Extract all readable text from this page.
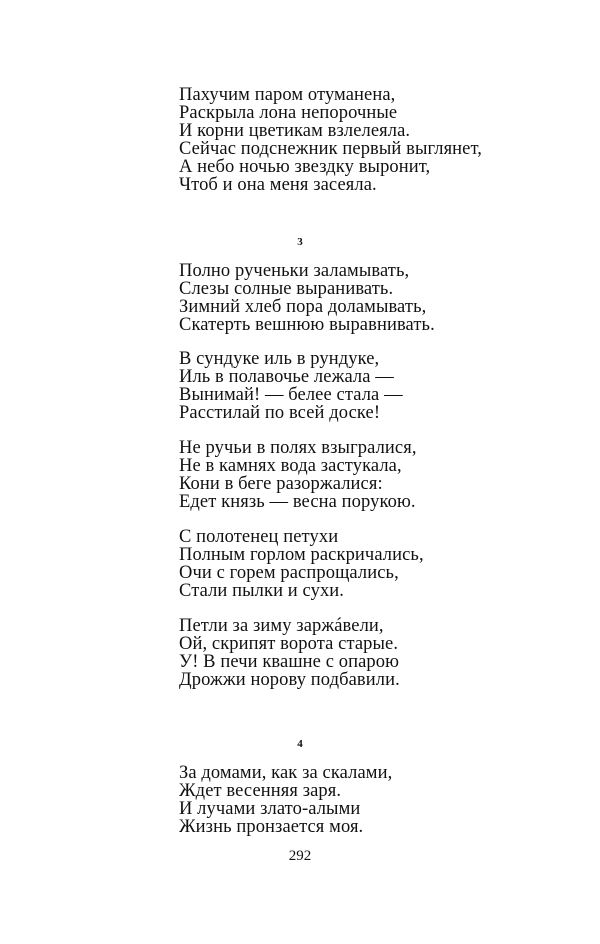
Пахучим паром отуманена,
Раскрыла лона непорочные
И корни цветикам взлелеяла.
Сейчас подснежник первый выглянет,
А небо ночью звездку выронит,
Чтоб и она меня засеяла.
3
Полно рученьки заламывать,
Слезы солные выранивать.
Зимний хлеб пора доламывать,
Скатерть вешнюю выравнивать.
В сундуке иль в рундуке,
Иль в полавочье лежала —
Вынимай! — белее стала —
Расстилай по всей доске!
Не ручьи в полях взыгралися,
Не в камнях вода застукала,
Кони в беге разоржалися:
Едет князь — весна порукою.
С полотенец петухи
Полным горлом раскричались,
Очи с горем распрощались,
Стали пылки и сухи.
Петли за зиму заржáвели,
Ой, скрипят ворота старые.
У! В печи квашне с опарою
Дрожжи норову подбавили.
4
За домами, как за скалами,
Ждет весенняя заря.
И лучами злато-алыми
Жизнь пронзается моя.
292
